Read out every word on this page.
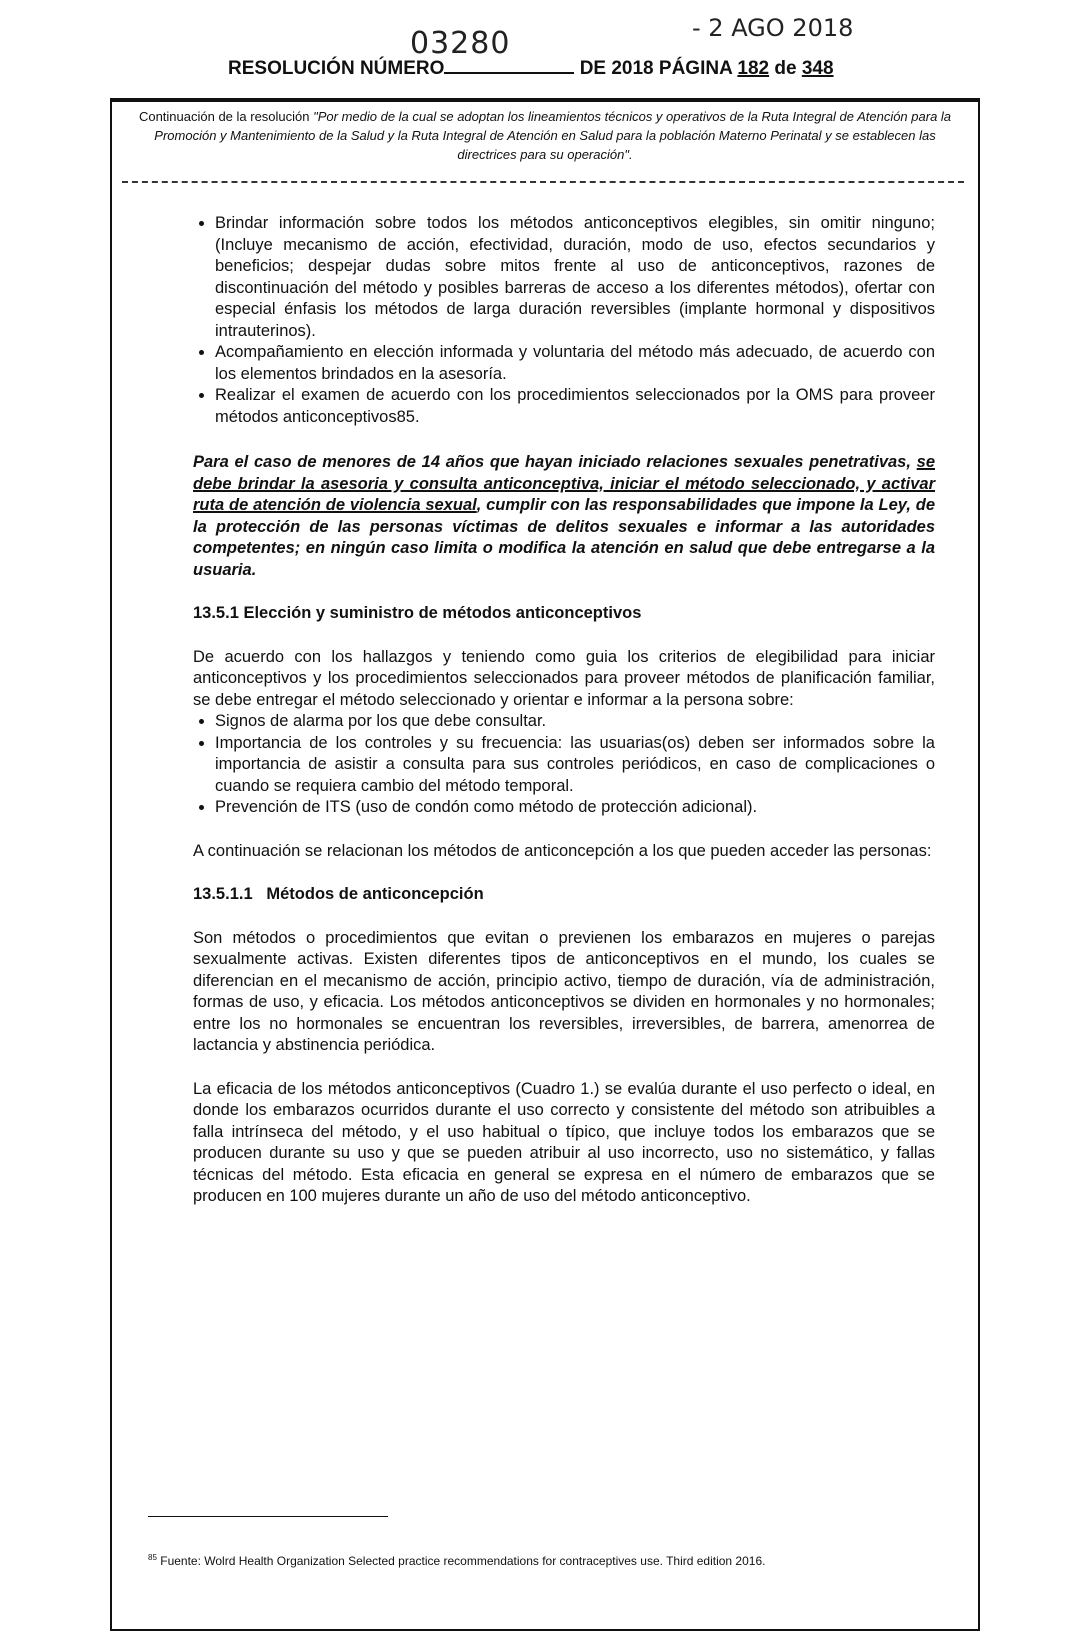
03280	- 2 AGO 2018
RESOLUCIÓN NÚMERO	DE 2018 PÁGINA 182 de 348
Continuación de la resolución "Por medio de la cual se adoptan los lineamientos técnicos y operativos de la Ruta Integral de Atención para la Promoción y Mantenimiento de la Salud y la Ruta Integral de Atención en Salud para la población Materno Perinatal y se establecen las directrices para su operación".
• Brindar información sobre todos los métodos anticonceptivos elegibles, sin omitir ninguno; (Incluye mecanismo de acción, efectividad, duración, modo de uso, efectos secundarios y beneficios; despejar dudas sobre mitos frente al uso de anticonceptivos, razones de discontinuación del método y posibles barreras de acceso a los diferentes métodos), ofertar con especial énfasis los métodos de larga duración reversibles (implante hormonal y dispositivos intrauterinos).
• Acompañamiento en elección informada y voluntaria del método más adecuado, de acuerdo con los elementos brindados en la asesoría.
• Realizar el examen de acuerdo con los procedimientos seleccionados por la OMS para proveer métodos anticonceptivos85.

Para el caso de menores de 14 años que hayan iniciado relaciones sexuales penetrativas, se debe brindar la asesoria y consulta anticonceptiva, iniciar el método seleccionado, y activar ruta de atención de violencia sexual, cumplir con las responsabilidades que impone la Ley, de la protección de las personas víctimas de delitos sexuales e informar a las autoridades competentes; en ningún caso limita o modifica la atención en salud que debe entregarse a la usuaria.

13.5.1 Elección y suministro de métodos anticonceptivos

De acuerdo con los hallazgos y teniendo como guia los criterios de elegibilidad para iniciar anticonceptivos y los procedimientos seleccionados para proveer métodos de planificación familiar, se debe entregar el método seleccionado y orientar e informar a la persona sobre:

• Signos de alarma por los que debe consultar.
• Importancia de los controles y su frecuencia: las usuarias(os) deben ser informados sobre la importancia de asistir a consulta para sus controles periódicos, en caso de complicaciones o cuando se requiera cambio del método temporal.
• Prevención de ITS (uso de condón como método de protección adicional).

A continuación se relacionan los métodos de anticoncepción a los que pueden acceder las personas:

13.5.1.1   Métodos de anticoncepción

Son métodos o procedimientos que evitan o previenen los embarazos en mujeres o parejas sexualmente activas. Existen diferentes tipos de anticonceptivos en el mundo, los cuales se diferencian en el mecanismo de acción, principio activo, tiempo de duración, vía de administración, formas de uso, y eficacia. Los métodos anticonceptivos se dividen en hormonales y no hormonales; entre los no hormonales se encuentran los reversibles, irreversibles, de barrera, amenorrea de lactancia y abstinencia periódica.

La eficacia de los métodos anticonceptivos (Cuadro 1.) se evalúa durante el uso perfecto o ideal, en donde los embarazos ocurridos durante el uso correcto y consistente del método son atribuibles a falla intrínseca del método, y el uso habitual o típico, que incluye todos los embarazos que se producen durante su uso y que se pueden atribuir al uso incorrecto, uso no sistemático, y fallas técnicas del método. Esta eficacia en general se expresa en el número de embarazos que se producen en 100 mujeres durante un año de uso del método anticonceptivo.

$^{85}$ Fuente: Wolrd Health Organization Selected practice recommendations for contraceptives use. Third edition 2016.
